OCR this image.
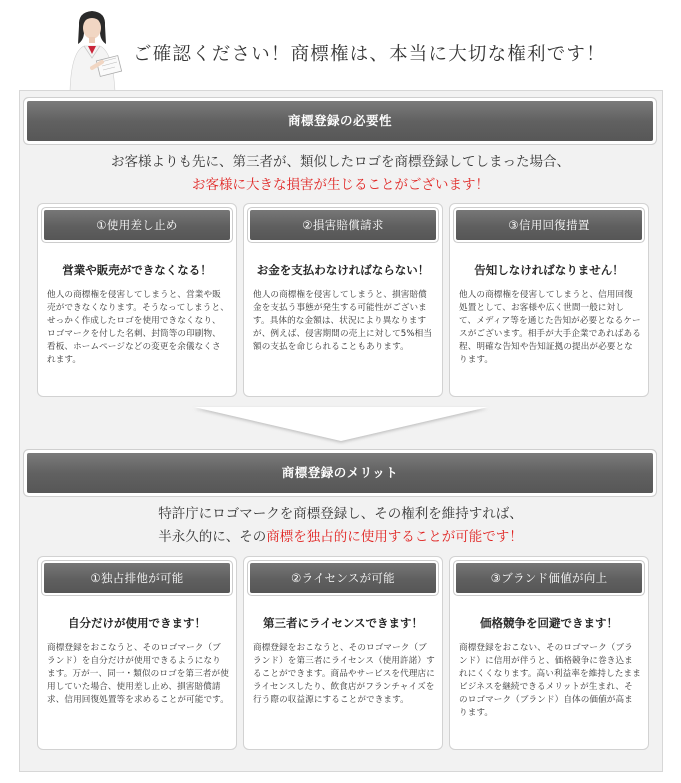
ご確認ください！商標権は、本当に大切な権利です！
商標登録の必要性
お客様よりも先に、第三者が、類似したロゴを商標登録してしまった場合、
お客様に大きな損害が生じることがございます！
①使用差し止め
営業や販売ができなくなる！
他人の商標権を侵害してしまうと、営業や販売ができなくなります。そうなってしまうと、せっかく作成したロゴを使用できなくなり、ロゴマークを付した名刺、封筒等の印刷物、看板、ホームページなどの変更を余儀なくされます。
②損害賠償請求
お金を支払わなければならない！
他人の商標権を侵害してしまうと、損害賠償金を支払う事態が発生する可能性がございます。具体的な金額は、状況により異なりますが、例えば、侵害期間の売上に対して5%相当額の支払を命じられることもあります。
③信用回復措置
告知しなければなりません！
他人の商標権を侵害してしまうと、信用回復処置として、お客様や広く世間一般に対して、メディア等を通じた告知が必要となるケースがございます。相手が大手企業であればある程、明確な告知や告知証拠の提出が必要となります。
商標登録のメリット
特許庁にロゴマークを商標登録し、その権利を維持すれば、
半永久的に、その商標を独占的に使用することが可能です！
①独占排他が可能
自分だけが使用できます！
商標登録をおこなうと、そのロゴマーク（ブランド）を自分だけが使用できるようになります。万が一、同一・類似のロゴを第三者が使用していた場合、使用差し止め、損害賠償請求、信用回復処置等を求めることが可能です。
②ライセンスが可能
第三者にライセンスできます！
商標登録をおこなうと、そのロゴマーク（ブランド）を第三者にライセンス（使用許諾）することができます。商品やサービスを代理店にライセンスしたり、飲食店がフランチャイズを行う際の収益源にすることができます。
③ブランド価値が向上
価格競争を回避できます！
商標登録をおこない、そのロゴマーク（ブランド）に信用が伴うと、価格競争に巻き込まれにくくなります。高い利益率を維持したままビジネスを継続できるメリットが生まれ、そのロゴマーク（ブランド）自体の価値が高まります。
